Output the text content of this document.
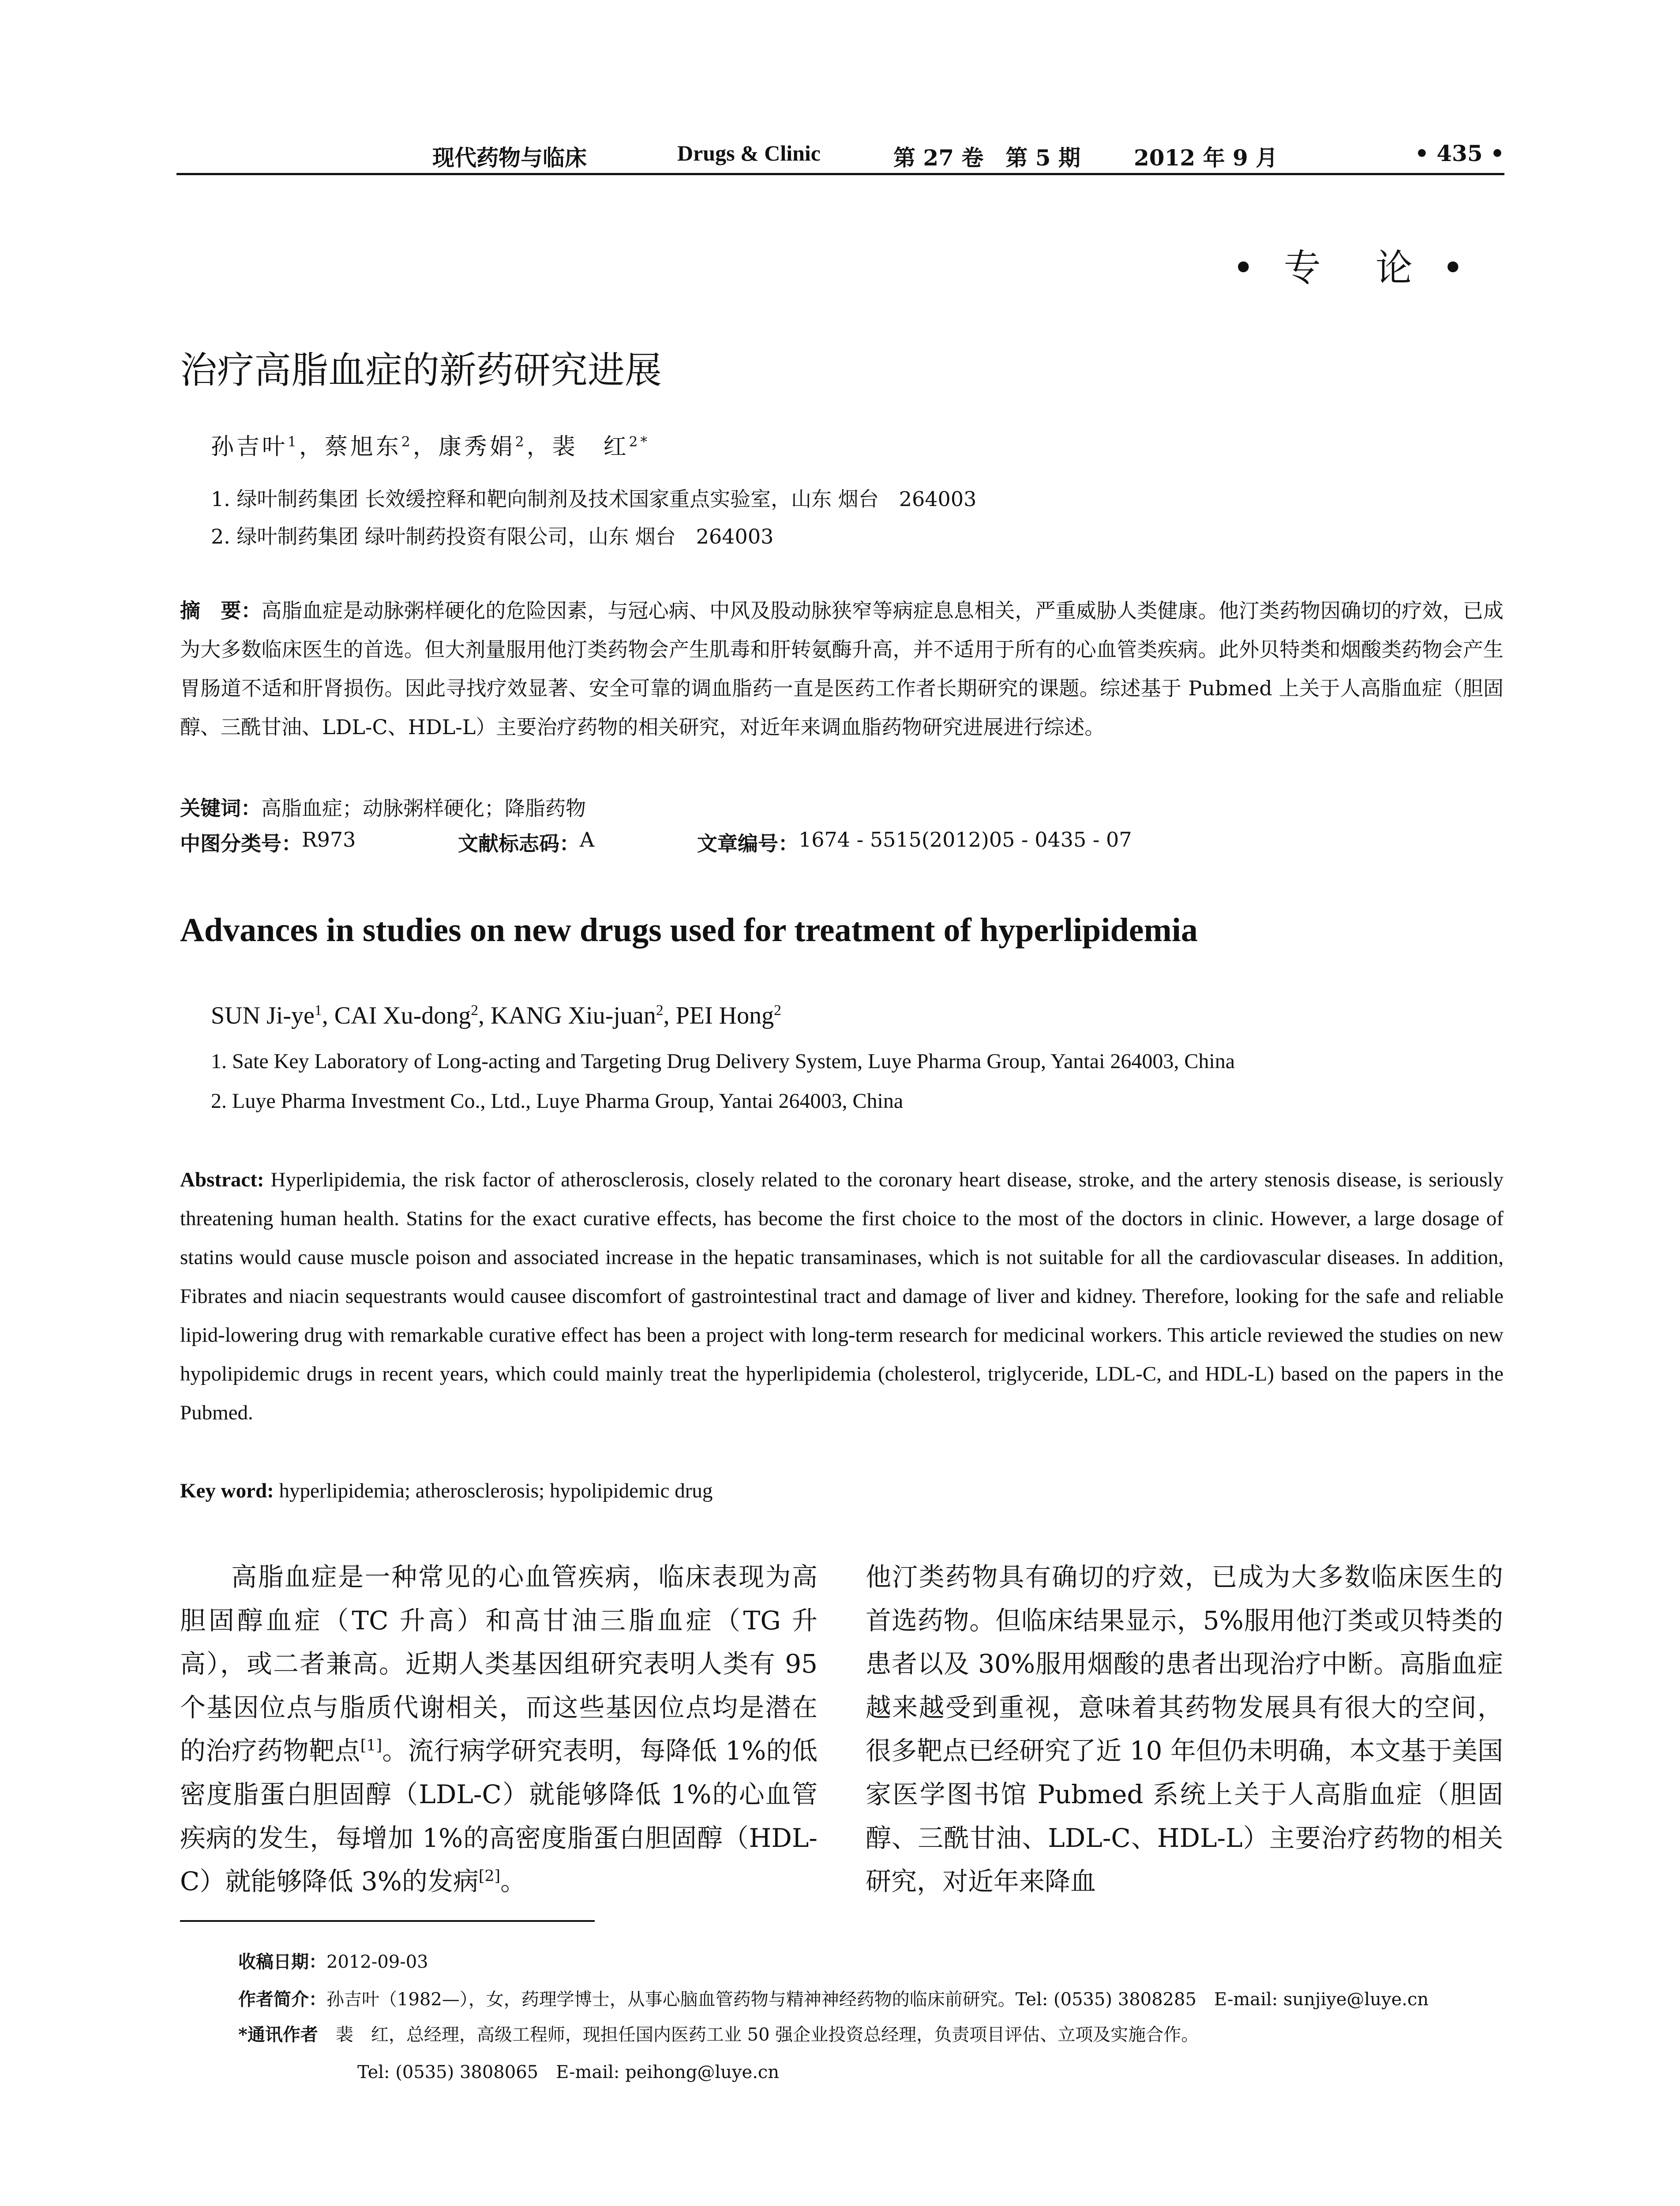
现代药物与临床	Drugs & Clinic	第 27 卷　第 5 期 2012 年 9 月	• 435 •
• 专　论 •
治疗高脂血症的新药研究进展
孙吉叶$^1$，蔡旭东$^2$，康秀娟$^2$，裴　红$^{2*}$
1. 绿叶制药集团 长效缓控释和靶向制剂及技术国家重点实验室，山东 烟台　264003
2. 绿叶制药集团 绿叶制药投资有限公司，山东 烟台　264003
摘　要：高脂血症是动脉粥样硬化的危险因素，与冠心病、中风及股动脉狭窄等病症息息相关，严重威胁人类健康。他汀类药物因确切的疗效，已成为大多数临床医生的首选。但大剂量服用他汀类药物会产生肌毒和肝转氨酶升高，并不适用于所有的心血管类疾病。此外贝特类和烟酸类药物会产生胃肠道不适和肝肾损伤。因此寻找疗效显著、安全可靠的调血脂药一直是医药工作者长期研究的课题。综述基于 Pubmed 上关于人高脂血症（胆固醇、三酰甘油、LDL-C、HDL-L）主要治疗药物的相关研究，对近年来调血脂药物研究进展进行综述。
关键词：高脂血症；动脉粥样硬化；降脂药物
中图分类号： R973	文献标志码： A	文章编号： 1674 - 5515(2012)05 - 0435 - 07
Advances in studies on new drugs used for treatment of hyperlipidemia
SUN $Ji-ye^1$, CAI Xu-dong$^2$, KANG Xiu-juan$^2$, PEI Hong$^2$
1. Sate Key Laboratory of Long-acting and Targeting Drug Delivery System, Luye Pharma Group, Yantai 264003, China
2. Luye Pharma Investment Co., Ltd., Luye Pharma Group, Yantai 264003, China
Abstract: Hyperlipidemia, the risk factor of atherosclerosis, closely related to the coronary heart disease, stroke, and the artery stenosis disease, is seriously threatening human health. Statins for the exact curative effects, has become the first choice to the most of the doctors in clinic. However, a large dosage of statins would cause muscle poison and associated increase in the hepatic transaminases, which is not suitable for all the cardiovascular diseases. In addition, Fibrates and niacin sequestrants would causee discomfort of gastrointestinal tract and damage of liver and kidney. Therefore, looking for the safe and reliable lipid-lowering drug with remarkable curative effect has been a project with long-term research for medicinal workers. This article reviewed the studies on new hypolipidemic drugs in recent years, which could mainly treat the hyperlipidemia (cholesterol, triglyceride, LDL-C, and HDL-L) based on the papers in the Pubmed.
Key word: hyperlipidemia; atherosclerosis; hypolipidemic drug
高脂血症是一种常见的心血管疾病，临床表现为高胆固醇血症（TC 升高）和高甘油三脂血症（TG 升高），或二者兼高。近期人类基因组研究表明人类有 95 个基因位点与脂质代谢相关，而这些基因位点均是潜在的治疗药物靶点[1]。流行病学研究表明，每降低 1%的低密度脂蛋白胆固醇（LDL-C）就能够降低 1%的心血管疾病的发生，每增加 1%的高密度脂蛋白胆固醇（HDL-C）就能够降低 3%的发病[2]。
他汀类药物具有确切的疗效，已成为大多数临床医生的首选药物。但临床结果显示，5%服用他汀类或贝特类的患者以及 30%服用烟酸的患者出现治疗中断。高脂血症越来越受到重视，意味着其药物发展具有很大的空间，很多靶点已经研究了近 10 年但仍未明确，本文基于美国家医学图书馆 Pubmed 系统上关于人高脂血症（胆固醇、三酰甘油、LDL-C、HDL-L）主要治疗药物的相关研究，对近年来降血
收稿日期：2012-09-03
作者简介：孙吉叶（1982—），女，药理学博士，从事心脑血管药物与精神神经药物的临床前研究。Tel: (0535) 3808285　E-mail: sunjiye@luye.cn
*通讯作者　裴　红，总经理，高级工程师，现担任国内医药工业 50 强企业投资总经理，负责项目评估、立项及实施合作。
Tel: (0535) 3808065　E-mail: peihong@luye.cn
